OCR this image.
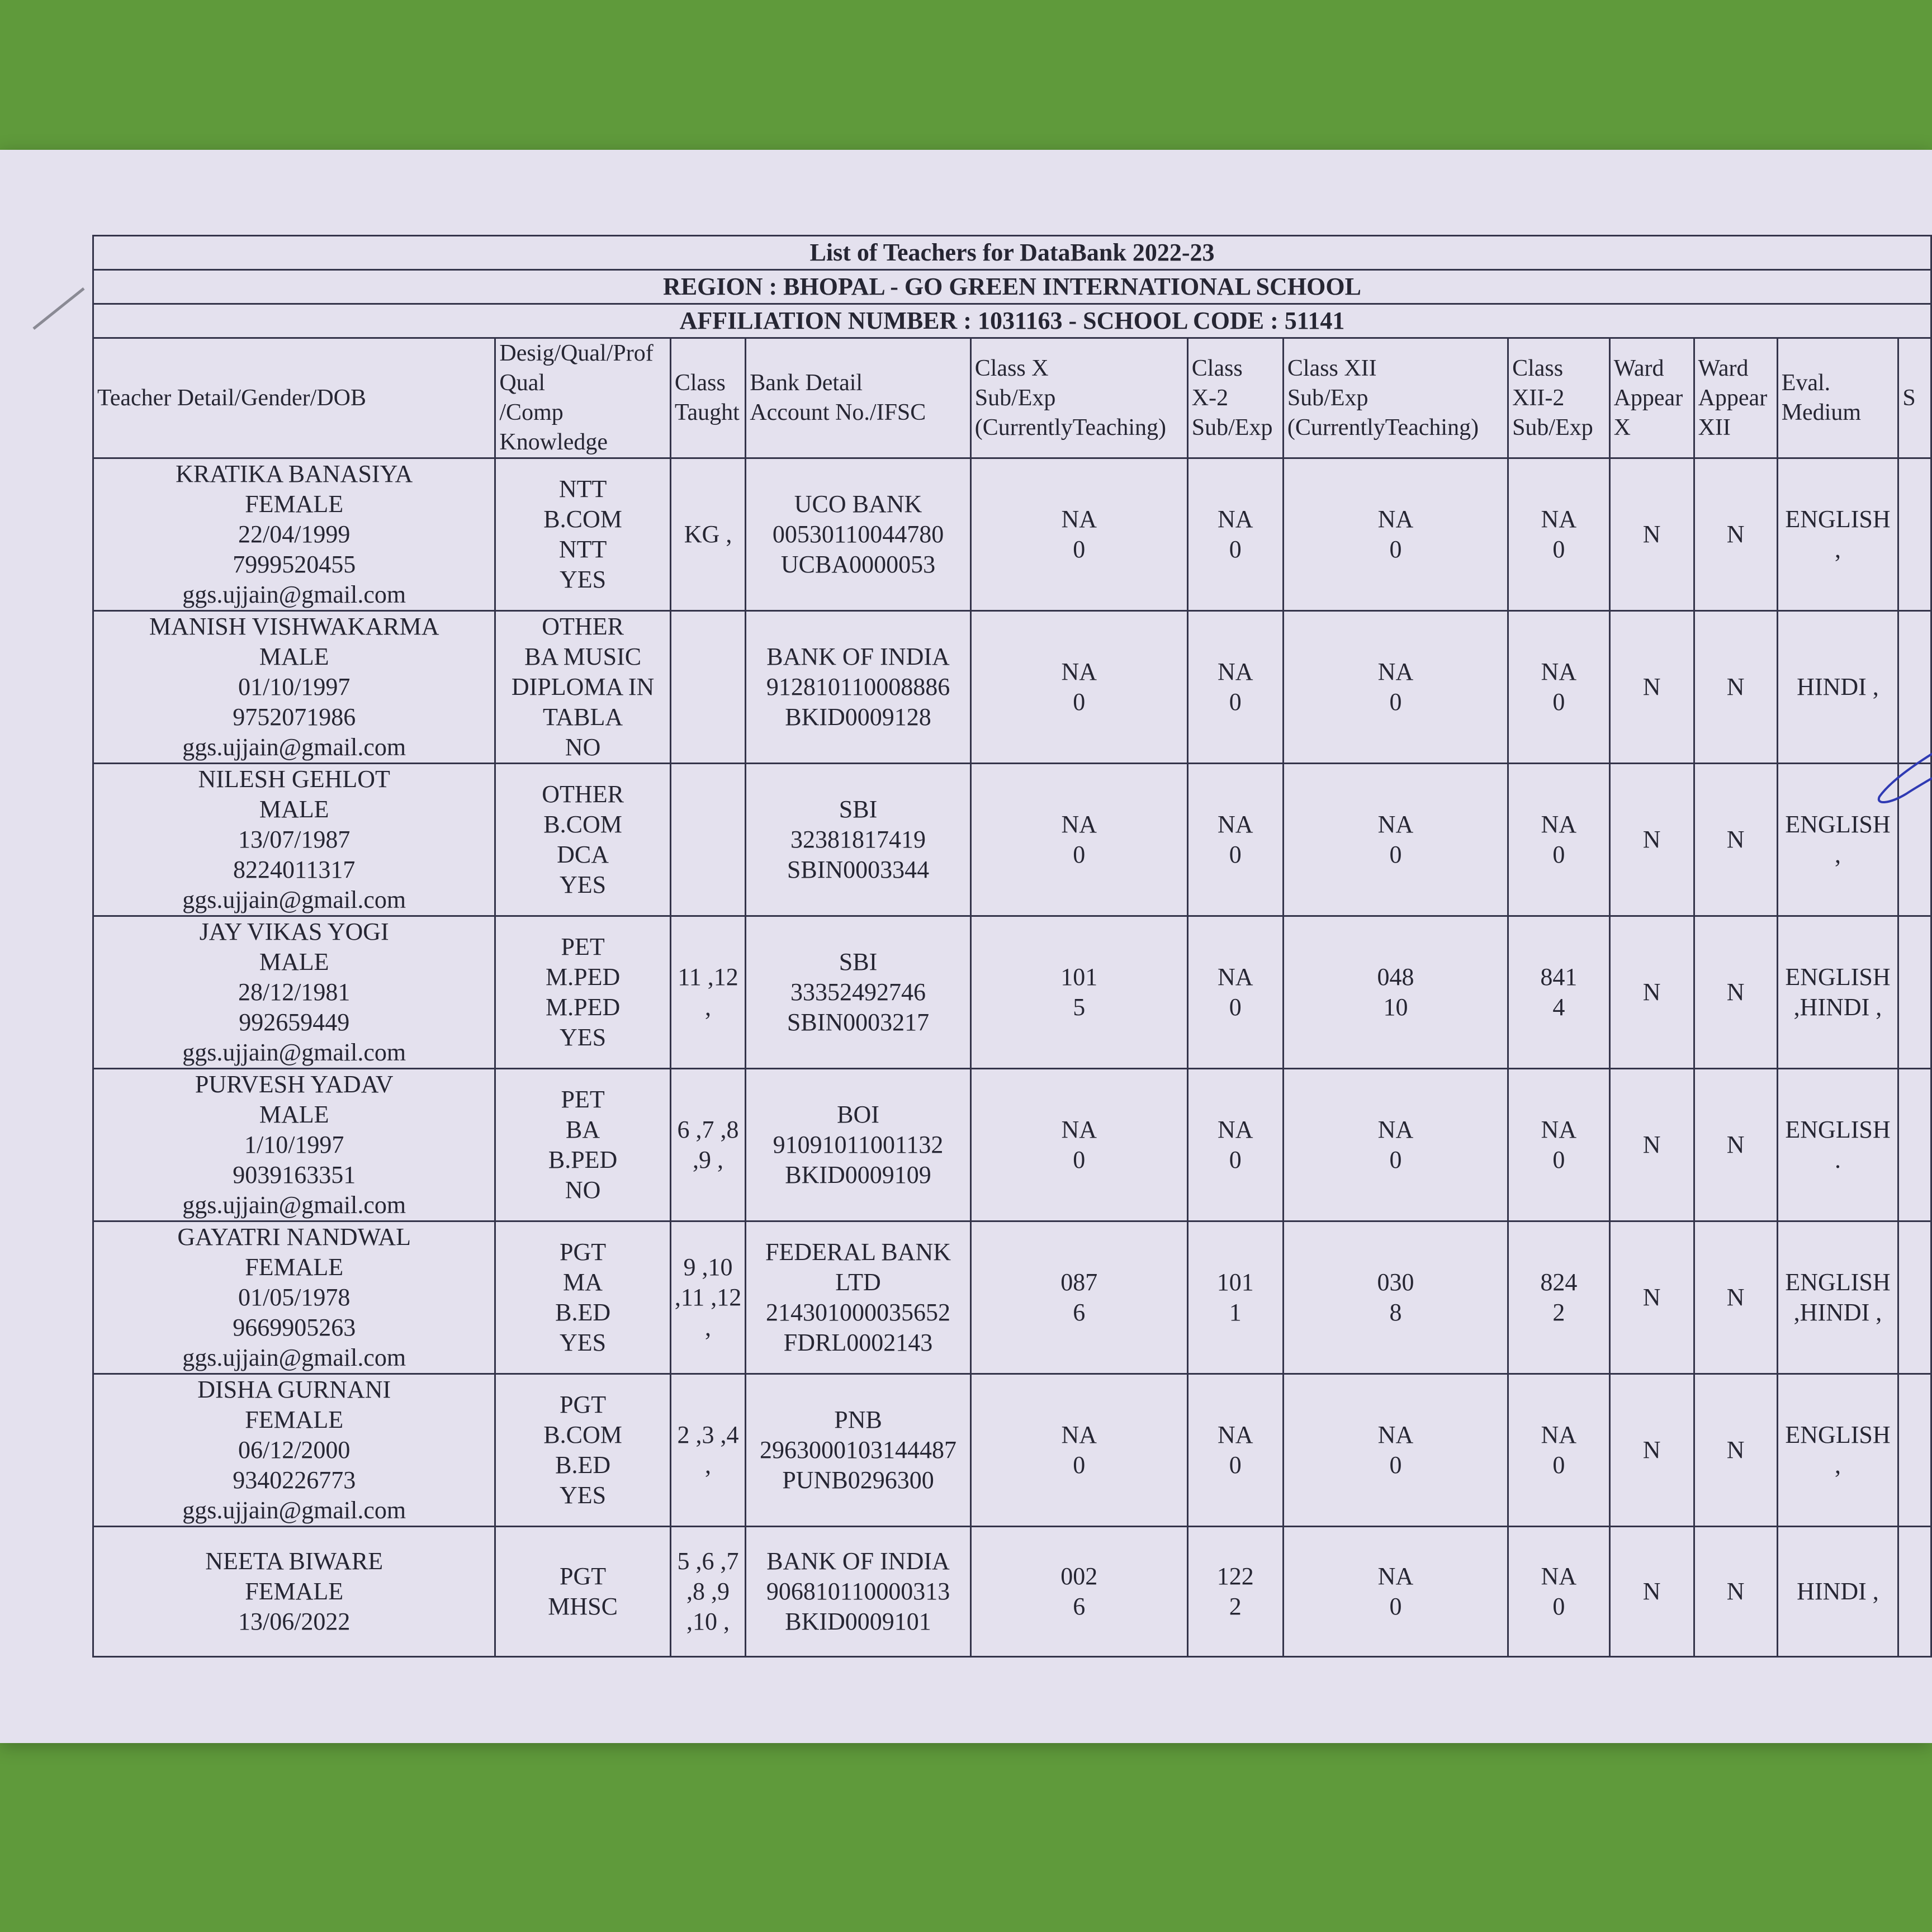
List of Teachers for DataBank 2022-23											
REGION : BHOPAL - GO GREEN INTERNATIONAL SCHOOL											
AFFILIATION NUMBER : 1031163 - SCHOOL CODE : 51141											

Teacher Detail/Gender/DOB	Desig/Qual/Prof
Qual
/Comp
Knowledge	Class
Taught	Bank Detail
Account No./IFSC	Class X
Sub/Exp
(CurrentlyTeaching)	Class
X-2
Sub/Exp	Class XII
Sub/Exp
(CurrentlyTeaching)	Class
XII-2
Sub/Exp	Ward
Appear
X	Ward
Appear
XII	Eval.
Medium	S

KRATIKA BANASIYA
FEMALE
22/04/1999
7999520455
ggs.ujjain@gmail.com	NTT
B.COM
NTT
YES	KG ,	UCO BANK
00530110044780
UCBA0000053	NA
0	NA
0	NA
0	NA
0	N	N	ENGLISH
,	

MANISH VISHWAKARMA
MALE
01/10/1997
9752071986
ggs.ujjain@gmail.com	OTHER
BA MUSIC
DIPLOMA IN
TABLA
NO		BANK OF INDIA
912810110008886
BKID0009128	NA
0	NA
0	NA
0	NA
0	N	N	HINDI ,	

NILESH GEHLOT
MALE
13/07/1987
8224011317
ggs.ujjain@gmail.com	OTHER
B.COM
DCA
YES		SBI
32381817419
SBIN0003344	NA
0	NA
0	NA
0	NA
0	N	N	ENGLISH
,	

JAY VIKAS YOGI
MALE
28/12/1981
992659449
ggs.ujjain@gmail.com	PET
M.PED
M.PED
YES	11 ,12
,	SBI
33352492746
SBIN0003217	101
5	NA
0	048
10	841
4	N	N	ENGLISH
,HINDI ,	

PURVESH YADAV
MALE
1/10/1997
9039163351
ggs.ujjain@gmail.com	PET
BA
B.PED
NO	6 ,7 ,8
,9 ,	BOI
91091011001132
BKID0009109	NA
0	NA
0	NA
0	NA
0	N	N	ENGLISH
.	

GAYATRI NANDWAL
FEMALE
01/05/1978
9669905263
ggs.ujjain@gmail.com	PGT
MA
B.ED
YES	9 ,10
,11 ,12
,	FEDERAL BANK
LTD
214301000035652
FDRL0002143	087
6	101
1	030
8	824
2	N	N	ENGLISH
,HINDI ,	

DISHA GURNANI
FEMALE
06/12/2000
9340226773
ggs.ujjain@gmail.com	PGT
B.COM
B.ED
YES	2 ,3 ,4
,	PNB
2963000103144487
PUNB0296300	NA
0	NA
0	NA
0	NA
0	N	N	ENGLISH
,	

NEETA BIWARE
FEMALE
13/06/2022	PGT
MHSC	5 ,6 ,7
,8 ,9
,10 ,	BANK OF INDIA
906810110000313
BKID0009101	002
6	122
2	NA
0	NA
0	N	N	HINDI ,	
